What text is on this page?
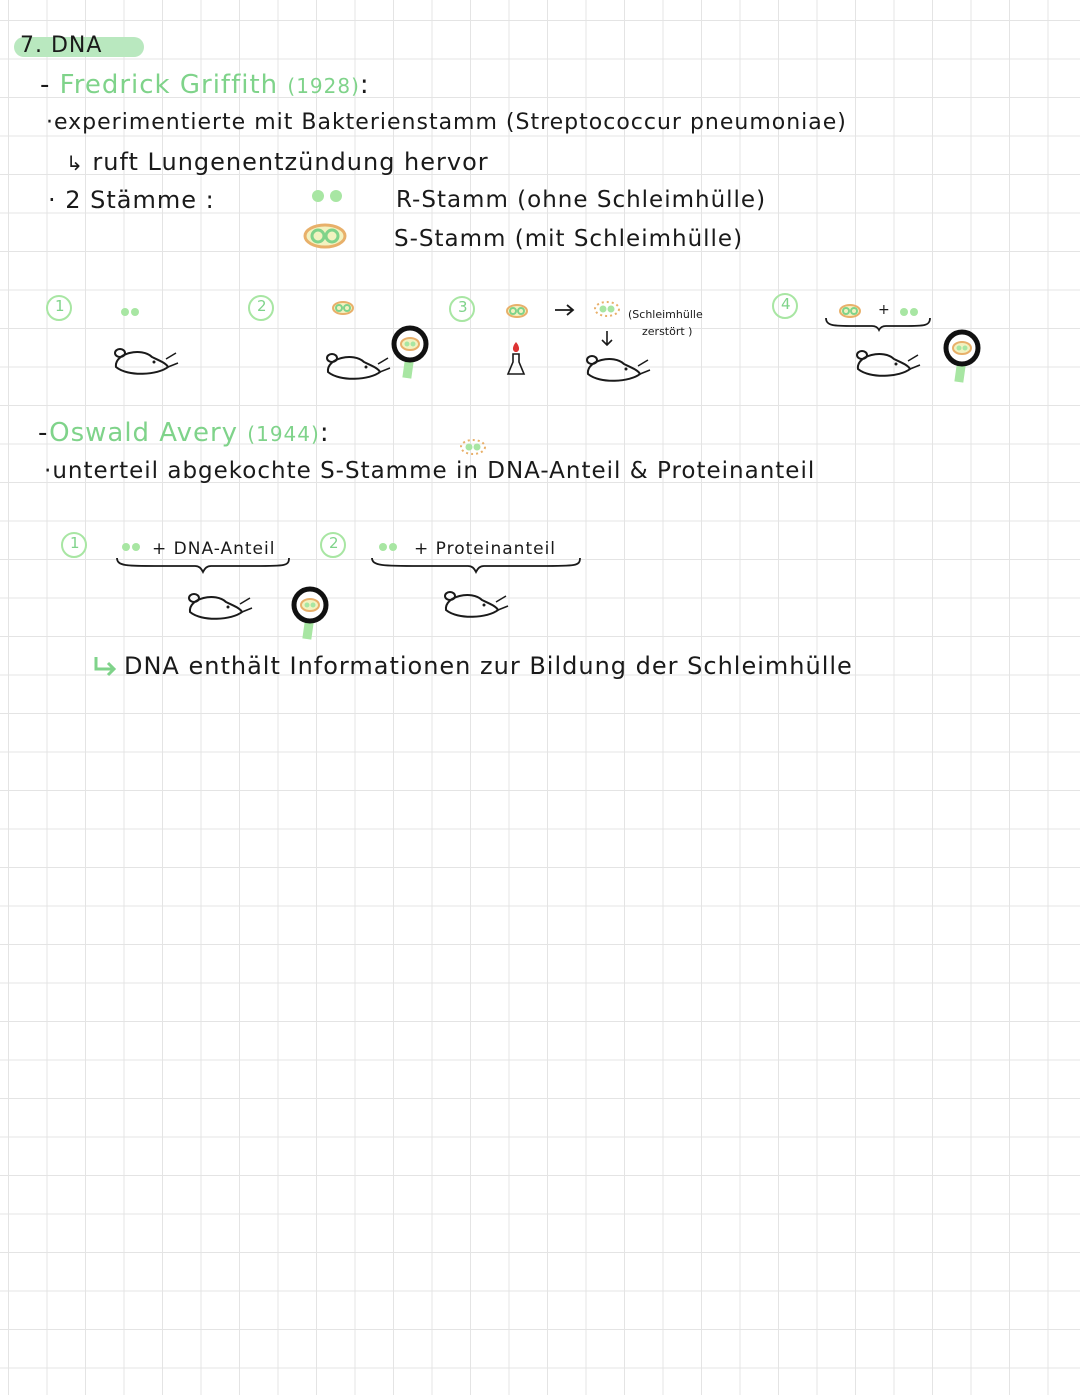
7. DNA
- Fredrick Griffith (1928):
·experimentierte mit Bakterienstamm (Streptococcur pneumoniae)
↳ ruft Lungenentzündung hervor
· 2 Stämme :	R-Stamm (ohne Schleimhülle)
S-Stamm (mit Schleimhülle)
1	2	3	(Schleimhülle
zerstört )
4	+
-Oswald Avery (1944):
·unterteil abgekochte S-Stamme in DNA-Anteil & Proteinanteil
1	+ DNA-Anteil	2	+ Proteinanteil
DNA enthält Informationen zur Bildung der Schleimhülle
